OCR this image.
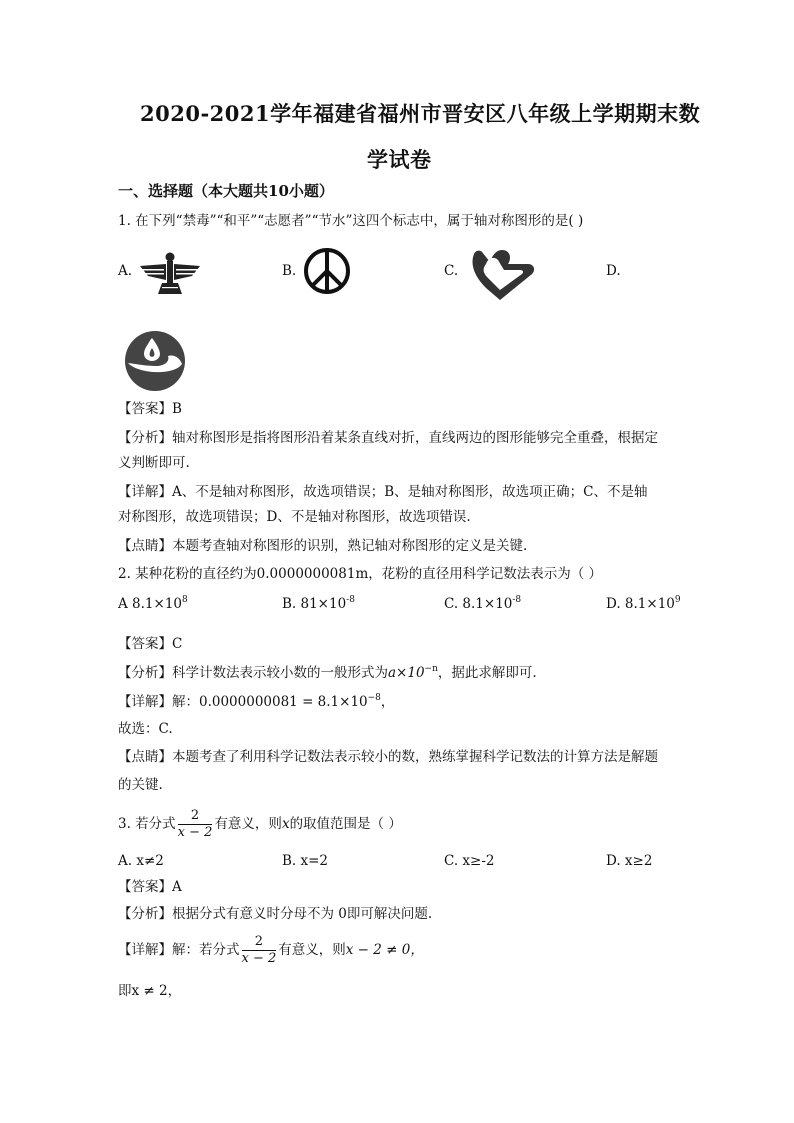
2020-2021学年福建省福州市晋安区八年级上学期期末数
学试卷
一、选择题（本大题共10小题）
1. 在下列“禁毒”“和平”“志愿者”“节水”这四个标志中，属于轴对称图形的是( )
A.	B.	C.	D.
【答案】B
【分析】轴对称图形是指将图形沿着某条直线对折，直线两边的图形能够完全重叠，根据定
义判断即可.
【详解】A、不是轴对称图形，故选项错误；B、是轴对称图形，故选项正确；C、不是轴
对称图形，故选项错误；D、不是轴对称图形，故选项错误.
【点睛】本题考查轴对称图形的识别，熟记轴对称图形的定义是关键.
2. 某种花粉的直径约为0.0000000081m，花粉的直径用科学记数法表示为（ ）
A $8.1\times 10^8$	B. $81\times 10^{-8}$	C. $8.1\times 10^{-8}$	D. $8.1\times 10^9$
【答案】C
【分析】科学计数法表示较小数的一般形式为$a\times 10^{-n}$，据此求解即可.
【详解】解：$0.0000000081 = 8.1\times 10^{-8}$，
故选：C.
【点睛】本题考查了利用科学记数法表示较小的数，熟练掌握科学记数法的计算方法是解题
的关键.
3. 若分式 $\frac{2}{x - 2}$ 有意义，则x的取值范围是（ ）
A. x≠2	B. x=2	C. x≥-2	D. x≥2
【答案】A
【分析】根据分式有意义时分母不为 0即可解决问题.
【详解】解：若分式 $\frac{2}{x - 2}$ 有意义，则x − 2 ≠ 0，
即x ≠ 2，
